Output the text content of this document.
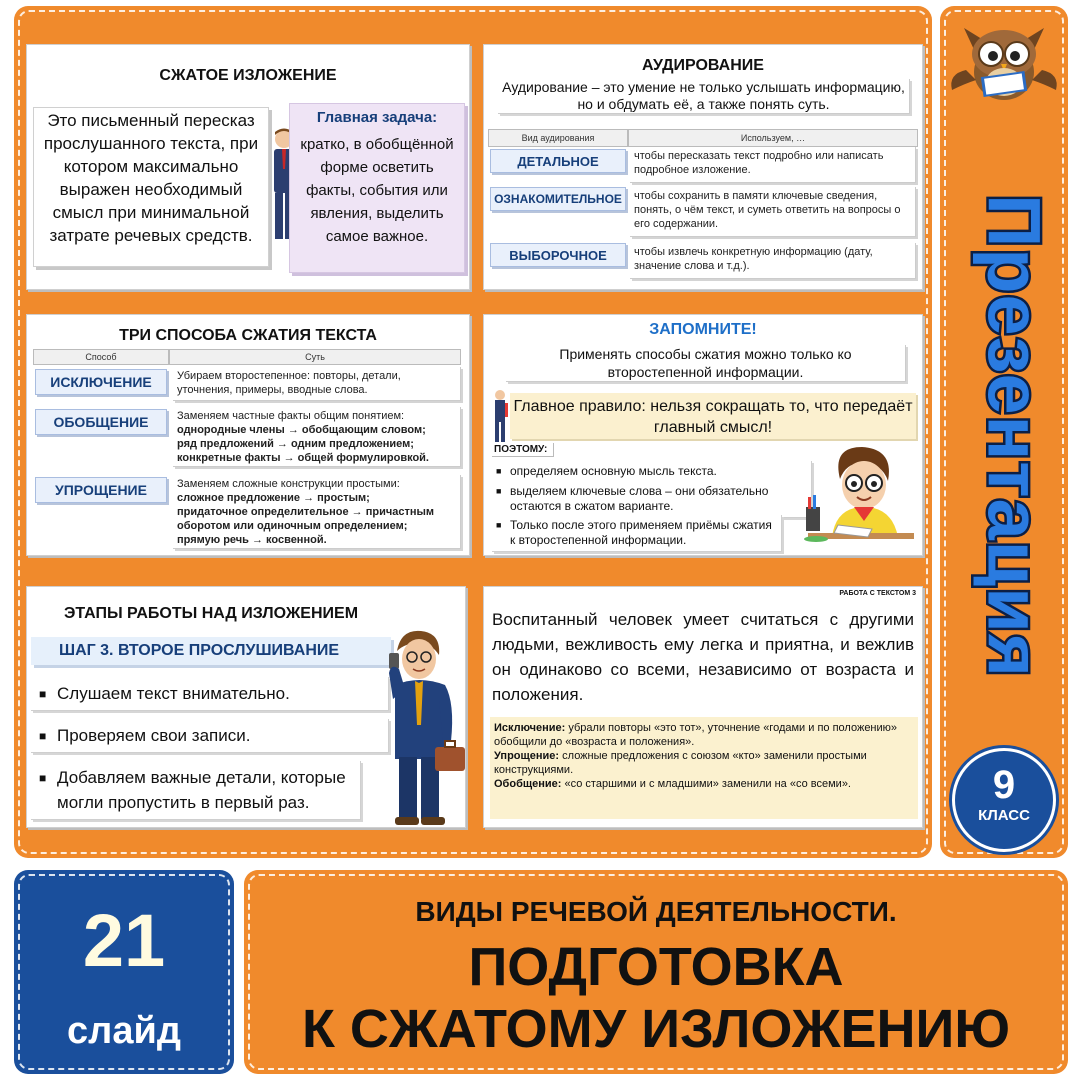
Презентация
9
КЛАСС
СЖАТОЕ ИЗЛОЖЕНИЕ
Это письменный пересказ прослушанного текста, при котором максимально выражен необходимый смысл при минимальной затрате речевых средств.
Главная задача:
кратко, в обобщённой форме осветить факты, события или явления, выделить самое важное.
АУДИРОВАНИЕ
Аудирование – это умение не только услышать информацию, но и обдумать её, а также понять суть.
Вид аудирования	Используем, …
ДЕТАЛЬНОЕ	чтобы пересказать текст подробно или написать подробное изложение.
ОЗНАКОМИТЕЛЬНОЕ	чтобы сохранить в памяти ключевые сведения, понять, о чём текст, и суметь ответить на вопросы о его содержании.
ВЫБОРОЧНОЕ	чтобы извлечь конкретную информацию (дату, значение слова и т.д.).
ТРИ СПОСОБА СЖАТИЯ ТЕКСТА
Способ	Суть
ИСКЛЮЧЕНИЕ	Убираем второстепенное: повторы, детали,
уточнения, примеры, вводные слова.
ОБОБЩЕНИЕ	Заменяем частные факты общим понятием:
однородные члены → обобщающим словом;
ряд предложений → одним предложением;
конкретные факты → общей формулировкой.
УПРОЩЕНИЕ	Заменяем сложные конструкции простыми:
сложное предложение → простым;
придаточное определительное → причастным оборотом или одиночным определением;
прямую речь → косвенной.
ЗАПОМНИТЕ!
Применять способы сжатия можно только ко второстепенной информации.
Главное правило: нельзя сокращать то, что передаёт главный смысл!
ПОЭТОМУ:
■ определяем основную мысль текста.
■ выделяем ключевые слова – они обязательно остаются в сжатом варианте.
■ Только после этого применяем приёмы сжатия к второстепенной информации.
ЭТАПЫ РАБОТЫ НАД ИЗЛОЖЕНИЕМ
ШАГ 3. ВТОРОЕ ПРОСЛУШИВАНИЕ
■ Слушаем текст внимательно.
■ Проверяем свои записи.
■ Добавляем важные детали, которые могли пропустить в первый раз.
РАБОТА С ТЕКСТОМ 3
Воспитанный человек умеет считаться с другими людьми, вежливость ему легка и приятна, и вежлив он одинаково со всеми, независимо от возраста и положения.
Исключение: убрали повторы «это тот», уточнение «годами и по положению» обобщили до «возраста и положения».
Упрощение: сложные предложения с союзом «кто» заменили простыми конструкциями.
Обобщение: «со старшими и с младшими» заменили на «со всеми».
21
слайд
ВИДЫ РЕЧЕВОЙ ДЕЯТЕЛЬНОСТИ.
ПОДГОТОВКА
К СЖАТОМУ ИЗЛОЖЕНИЮ
